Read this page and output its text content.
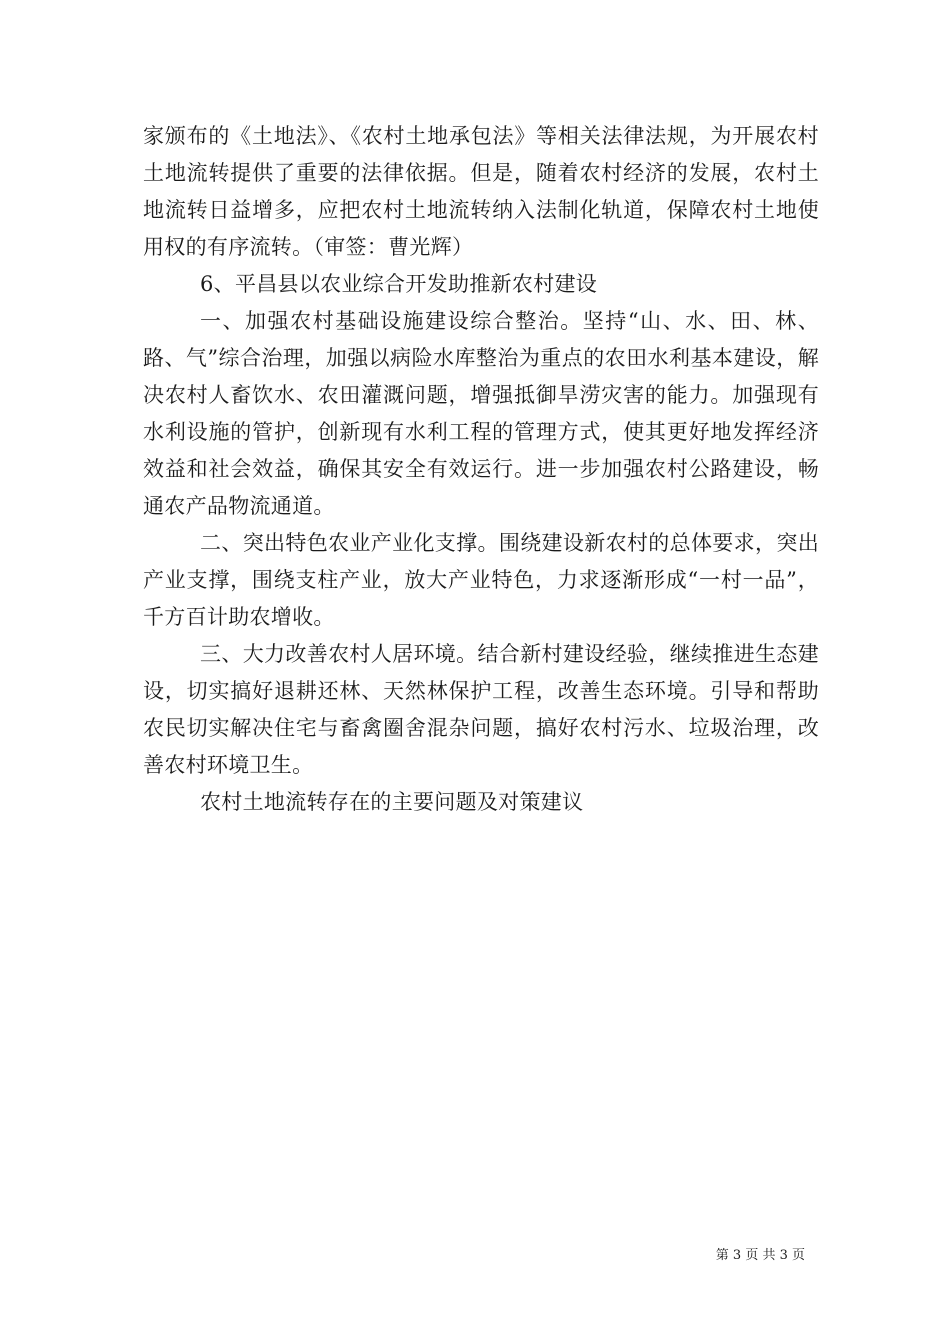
家颁布的《土地法》、《农村土地承包法》等相关法律法规，为开展农村土地流转提供了重要的法律依据。但是，随着农村经济的发展，农村土地流转日益增多，应把农村土地流转纳入法制化轨道，保障农村土地使用权的有序流转。（审签：曹光辉）

6、平昌县以农业综合开发助推新农村建设

一、加强农村基础设施建设综合整治。坚持“山、水、田、林、路、气”综合治理，加强以病险水库整治为重点的农田水利基本建设，解决农村人畜饮水、农田灌溉问题，增强抵御旱涝灾害的能力。加强现有水利设施的管护，创新现有水利工程的管理方式，使其更好地发挥经济效益和社会效益，确保其安全有效运行。进一步加强农村公路建设，畅通农产品物流通道。

二、突出特色农业产业化支撑。围绕建设新农村的总体要求，突出产业支撑，围绕支柱产业，放大产业特色，力求逐渐形成“一村一品”，千方百计助农增收。

三、大力改善农村人居环境。结合新村建设经验，继续推进生态建设，切实搞好退耕还林、天然林保护工程，改善生态环境。引导和帮助农民切实解决住宅与畜禽圈舍混杂问题，搞好农村污水、垃圾治理，改善农村环境卫生。

农村土地流转存在的主要问题及对策建议

第 3 页 共 3 页
